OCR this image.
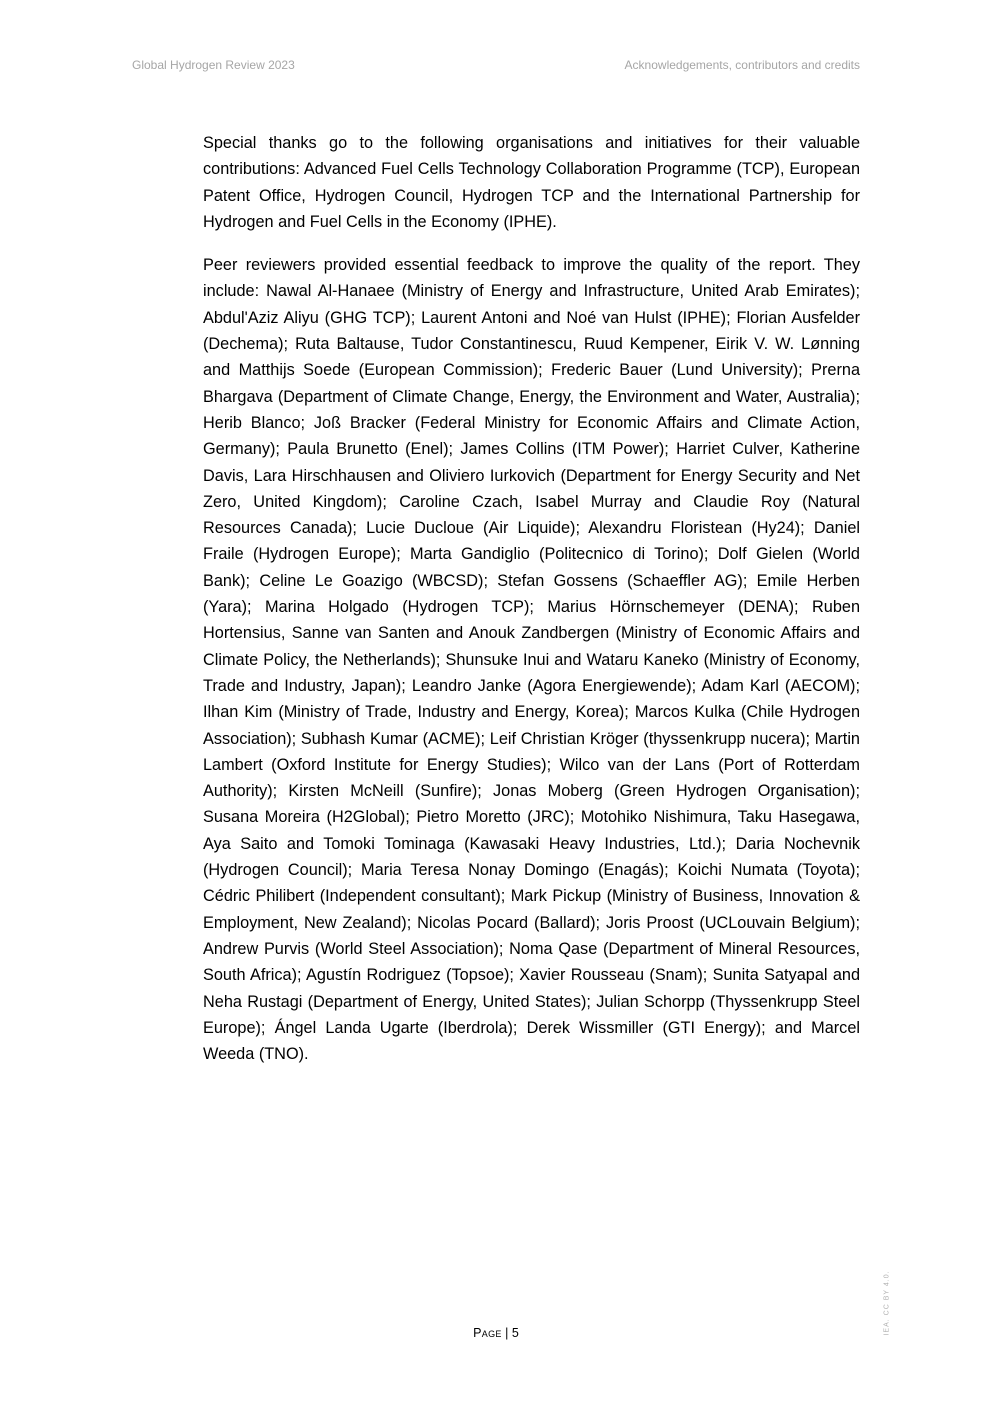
Global Hydrogen Review 2023	Acknowledgements, contributors and credits

Special thanks go to the following organisations and initiatives for their valuable contributions: Advanced Fuel Cells Technology Collaboration Programme (TCP), European Patent Office, Hydrogen Council, Hydrogen TCP and the International Partnership for Hydrogen and Fuel Cells in the Economy (IPHE).

Peer reviewers provided essential feedback to improve the quality of the report. They include: Nawal Al-Hanaee (Ministry of Energy and Infrastructure, United Arab Emirates); Abdul'Aziz Aliyu (GHG TCP); Laurent Antoni and Noé van Hulst (IPHE); Florian Ausfelder (Dechema); Ruta Baltause, Tudor Constantinescu, Ruud Kempener, Eirik V. W. Lønning and Matthijs Soede (European Commission); Frederic Bauer (Lund University); Prerna Bhargava (Department of Climate Change, Energy, the Environment and Water, Australia); Herib Blanco; Joß Bracker (Federal Ministry for Economic Affairs and Climate Action, Germany); Paula Brunetto (Enel); James Collins (ITM Power); Harriet Culver, Katherine Davis, Lara Hirschhausen and Oliviero Iurkovich (Department for Energy Security and Net Zero, United Kingdom); Caroline Czach, Isabel Murray and Claudie Roy (Natural Resources Canada); Lucie Ducloue (Air Liquide); Alexandru Floristean (Hy24); Daniel Fraile (Hydrogen Europe); Marta Gandiglio (Politecnico di Torino); Dolf Gielen (World Bank); Celine Le Goazigo (WBCSD); Stefan Gossens (Schaeffler AG); Emile Herben (Yara); Marina Holgado (Hydrogen TCP); Marius Hörnschemeyer (DENA); Ruben Hortensius, Sanne van Santen and Anouk Zandbergen (Ministry of Economic Affairs and Climate Policy, the Netherlands); Shunsuke Inui and Wataru Kaneko (Ministry of Economy, Trade and Industry, Japan); Leandro Janke (Agora Energiewende); Adam Karl (AECOM); Ilhan Kim (Ministry of Trade, Industry and Energy, Korea); Marcos Kulka (Chile Hydrogen Association); Subhash Kumar (ACME); Leif Christian Kröger (thyssenkrupp nucera); Martin Lambert (Oxford Institute for Energy Studies); Wilco van der Lans (Port of Rotterdam Authority); Kirsten McNeill (Sunfire); Jonas Moberg (Green Hydrogen Organisation); Susana Moreira (H2Global); Pietro Moretto (JRC); Motohiko Nishimura, Taku Hasegawa, Aya Saito and Tomoki Tominaga (Kawasaki Heavy Industries, Ltd.); Daria Nochevnik (Hydrogen Council); Maria Teresa Nonay Domingo (Enagás); Koichi Numata (Toyota); Cédric Philibert (Independent consultant); Mark Pickup (Ministry of Business, Innovation & Employment, New Zealand); Nicolas Pocard (Ballard); Joris Proost (UCLouvain Belgium); Andrew Purvis (World Steel Association); Noma Qase (Department of Mineral Resources, South Africa); Agustín Rodriguez (Topsoe); Xavier Rousseau (Snam); Sunita Satyapal and Neha Rustagi (Department of Energy, United States); Julian Schorpp (Thyssenkrupp Steel Europe); Ángel Landa Ugarte (Iberdrola); Derek Wissmiller (GTI Energy); and Marcel Weeda (TNO).

Page | 5	IEA. CC BY 4.0.
